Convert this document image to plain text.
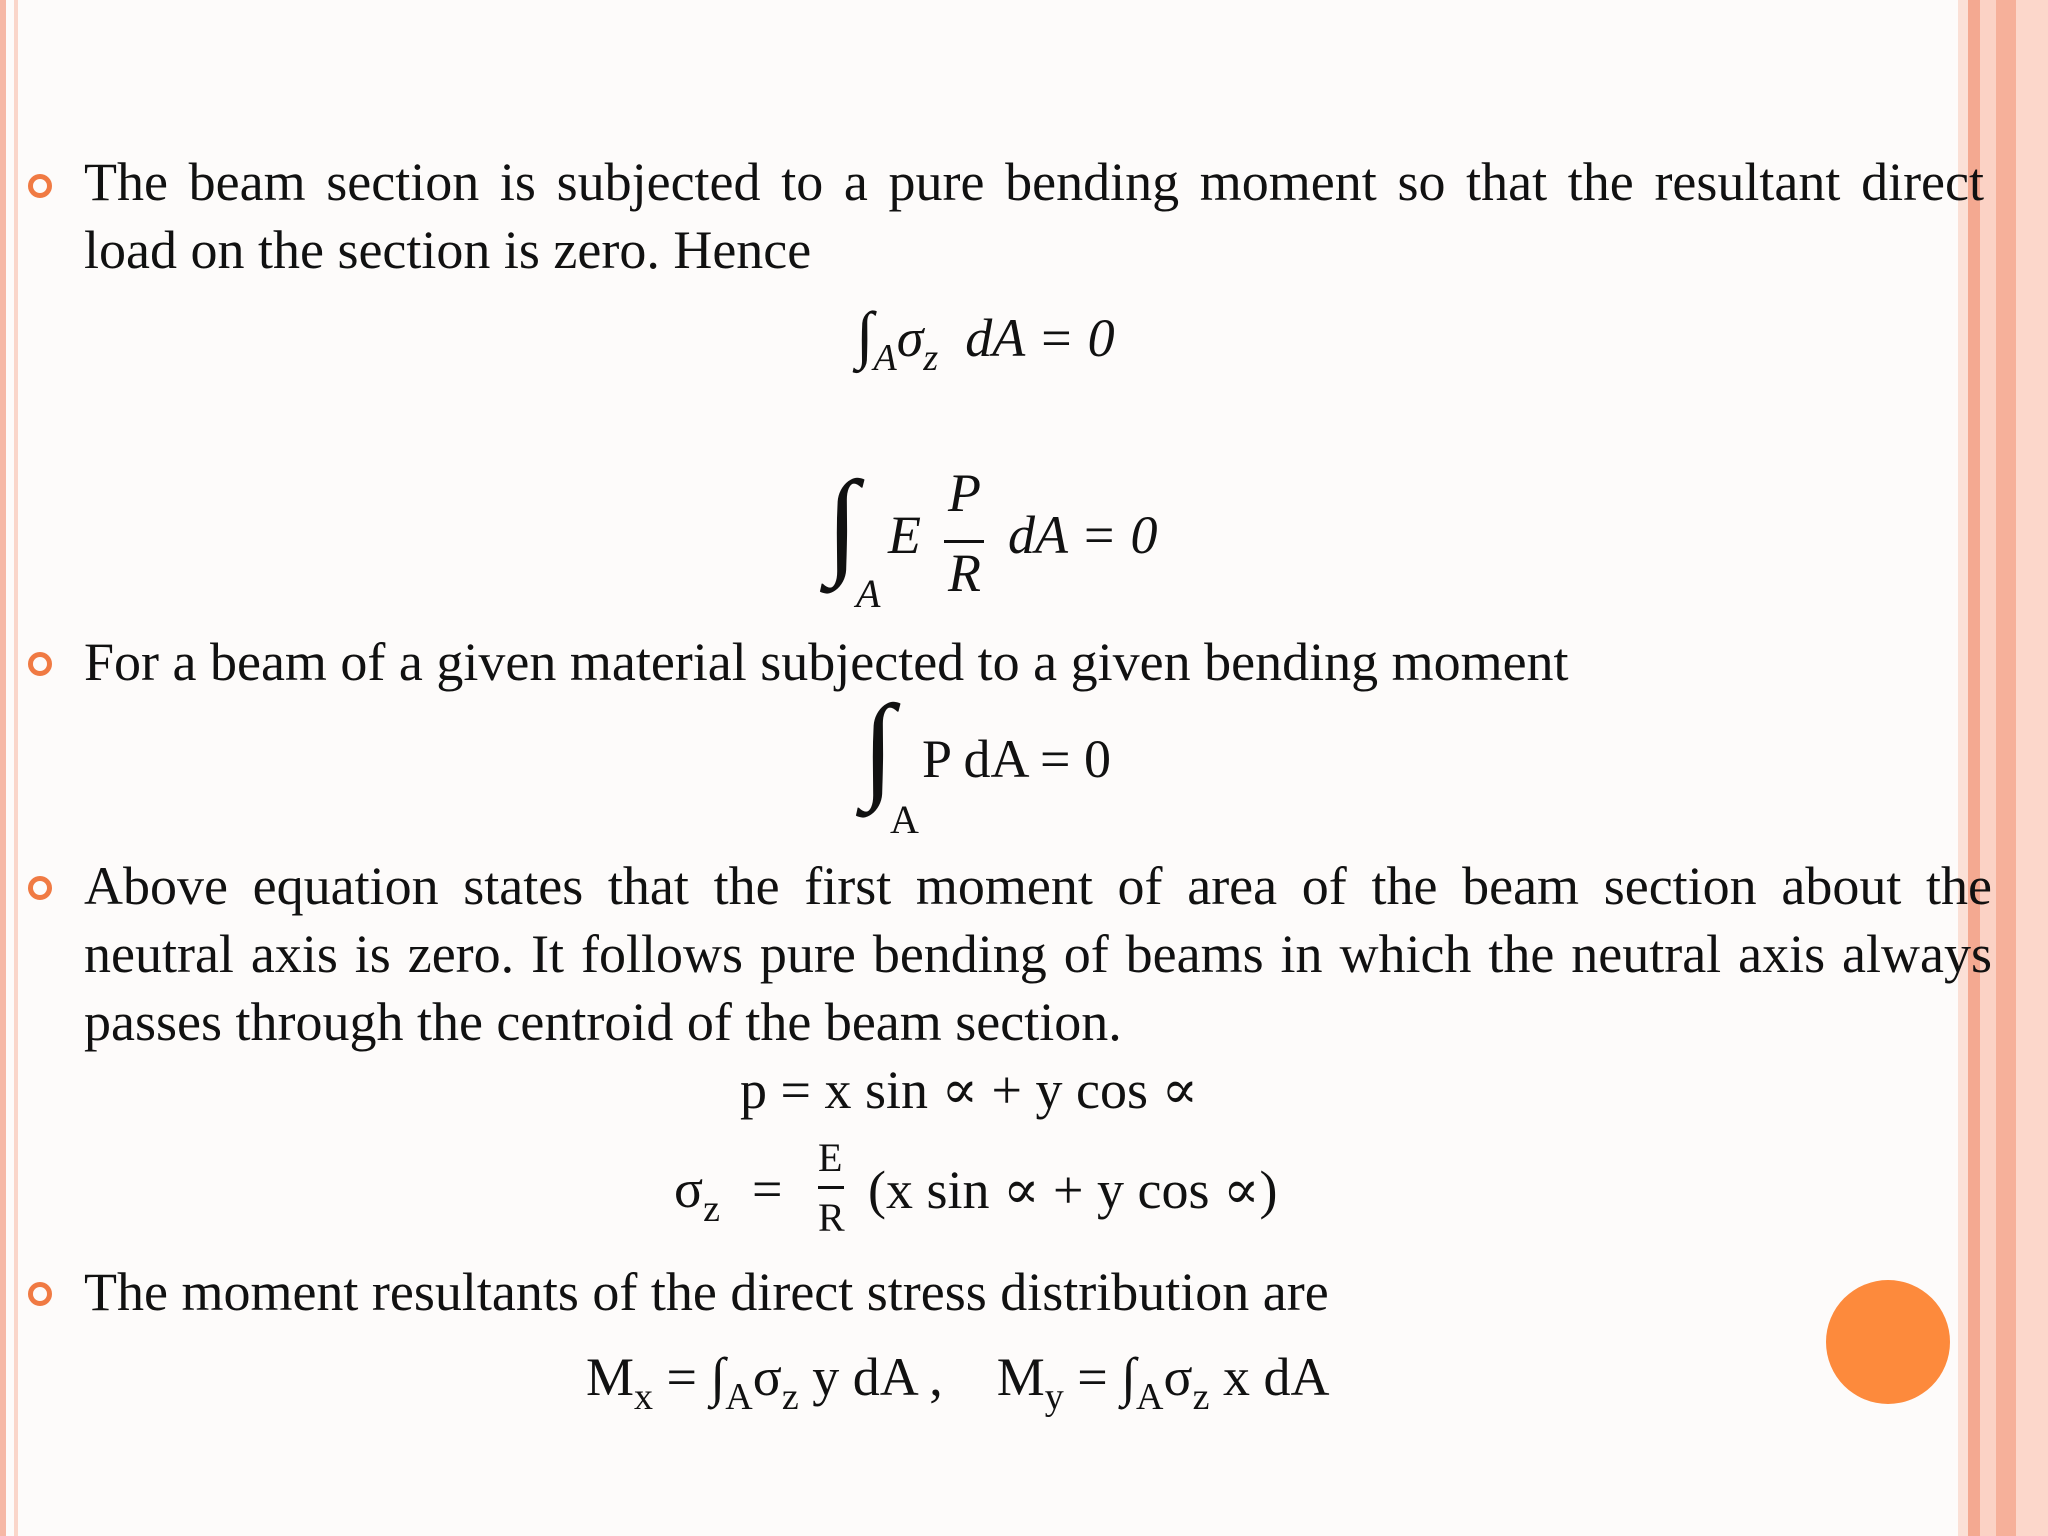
The beam section is subjected to a pure bending moment so that the resultant direct load on the section is zero. Hence
$\int_A\sigma_z$ dA = 0
∫
A
E
P
R
dA = 0
For a beam of a given material subjected to a given bending moment
∫
A
P dA = 0
Above equation states that the first moment of area of the beam section about the neutral axis is zero. It follows pure bending of beams in which the neutral axis always passes through the centroid of the beam section.
p = x sin ∝ + y cos ∝
$\sigma_z$ =
E
R (x sin ∝ + y cos ∝)
The moment resultants of the direct stress distribution are
$M_x = \int_A\sigma_z$ y dA , $M_y = \int_A\sigma_z$ x dA
